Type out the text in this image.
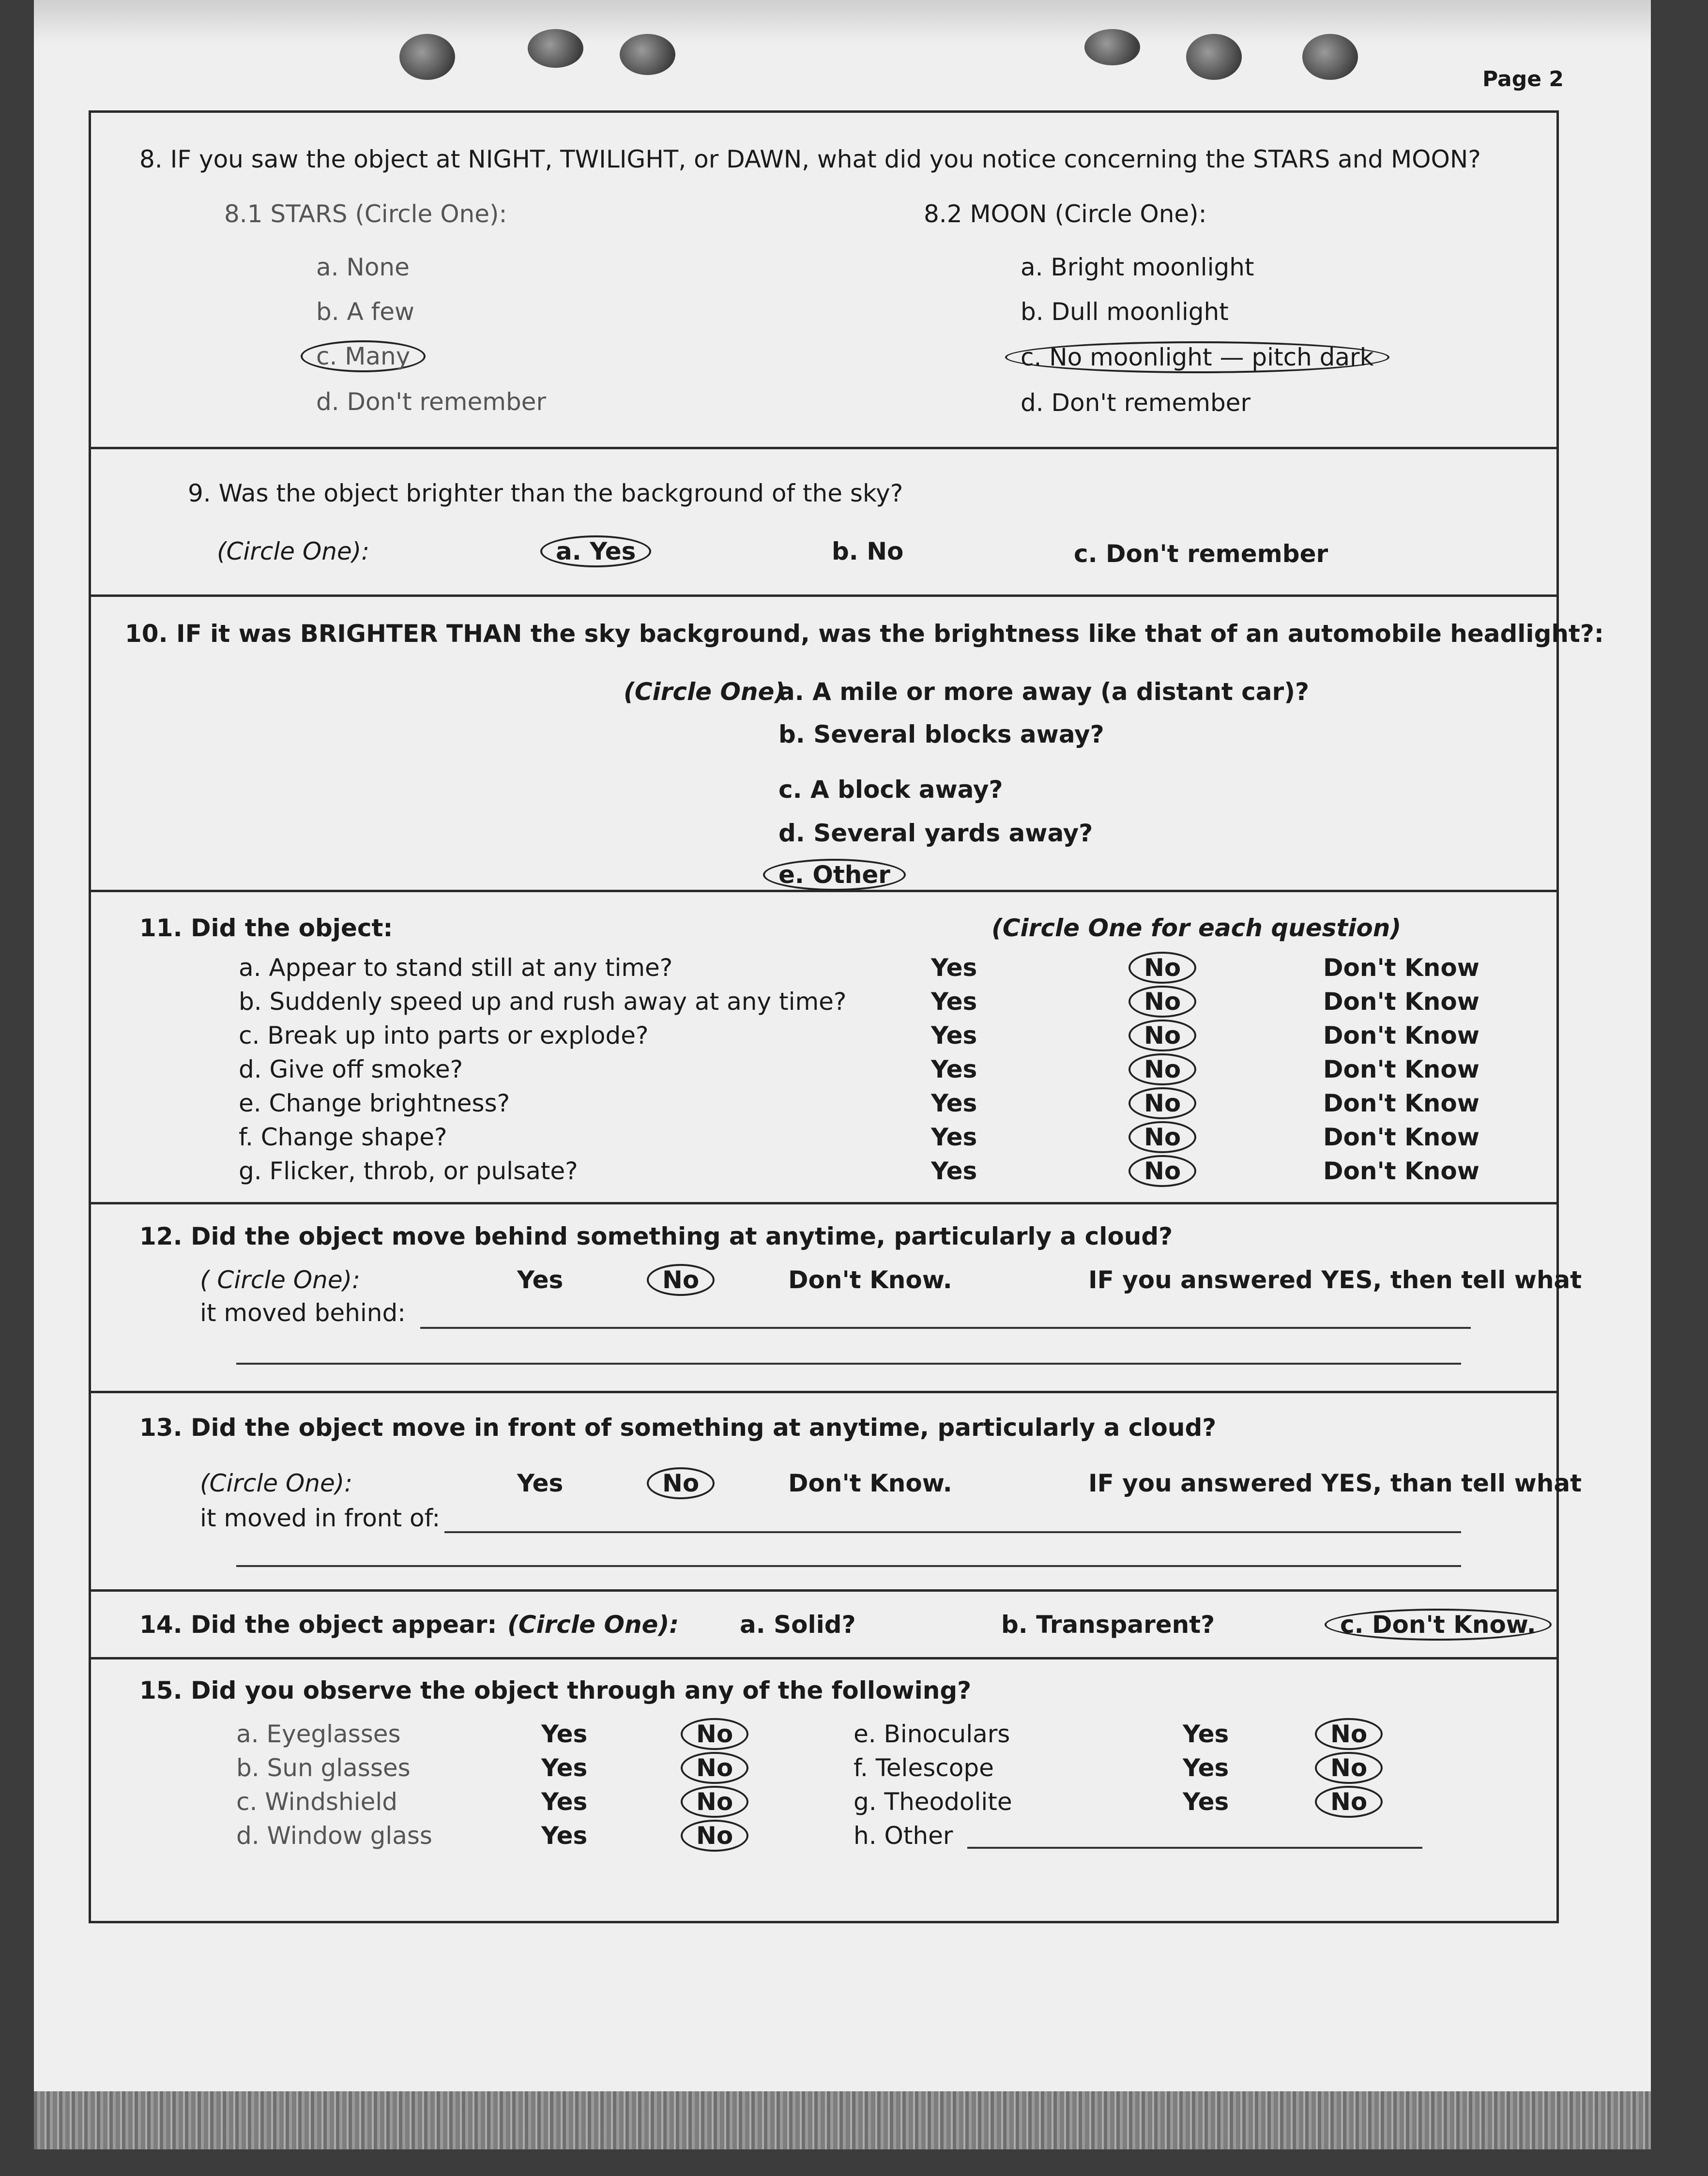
Page 2
8. IF you saw the object at NIGHT, TWILIGHT, or DAWN, what did you notice concerning the STARS and MOON?
8.1 STARS (Circle One):
a. None
b. A few
c. Many
d. Don't remember
8.2 MOON (Circle One):
a. Bright moonlight
b. Dull moonlight
c. No moonlight — pitch dark
d. Don't remember
9. Was the object brighter than the background of the sky?
(Circle One):	a. Yes	b. No	c. Don't remember
10. IF it was BRIGHTER THAN the sky background, was the brightness like that of an automobile headlight?:
(Circle One)
a. A mile or more away (a distant car)?
b. Several blocks away?
c. A block away?
d. Several yards away?
e. Other
11. Did the object:	(Circle One for each question)
a. Appear to stand still at any time?	Yes	No	Don't Know
b. Suddenly speed up and rush away at any time?	Yes	No	Don't Know
c. Break up into parts or explode?	Yes	No	Don't Know
d. Give off smoke?	Yes	No	Don't Know
e. Change brightness?	Yes	No	Don't Know
f. Change shape?	Yes	No	Don't Know
g. Flicker, throb, or pulsate?	Yes	No	Don't Know
12. Did the object move behind something at anytime, particularly a cloud?
( Circle One):	Yes	No	Don't Know.	IF you answered YES, then tell what
it moved behind:
13. Did the object move in front of something at anytime, particularly a cloud?
(Circle One):	Yes	No	Don't Know.	IF you answered YES, than tell what
it moved in front of:
14. Did the object appear: (Circle One):	a. Solid?	b. Transparent?	c. Don't Know.
15. Did you observe the object through any of the following?
a. Eyeglasses	Yes	No
b. Sun glasses	Yes	No
c. Windshield	Yes	No
d. Window glass	Yes	No
e. Binoculars	Yes	No
f. Telescope	Yes	No
g. Theodolite	Yes	No
h. Other
